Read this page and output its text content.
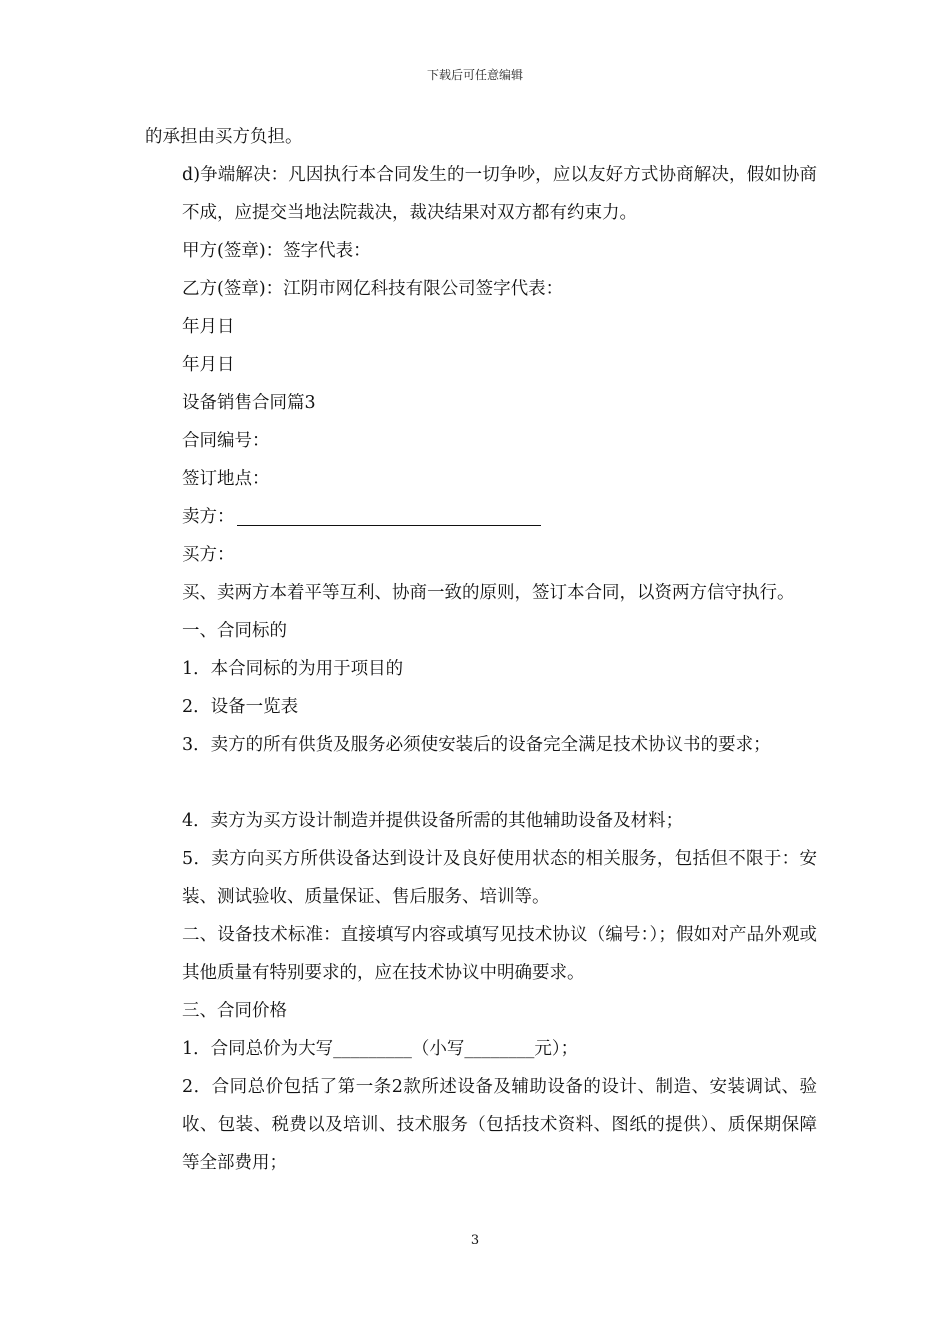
下载后可任意编辑

的承担由买方负担。

d)争端解决：凡因执行本合同发生的一切争吵，应以友好方式协商解决，假如协商不成，应提交当地法院裁决，裁决结果对双方都有约束力。

甲方(签章)：签字代表：

乙方(签章)：江阴市网亿科技有限公司签字代表：

年月日

年月日

设备销售合同篇3

合同编号：

签订地点：

卖方：

买方：

买、卖两方本着平等互利、协商一致的原则，签订本合同，以资两方信守执行。

一、合同标的

1．本合同标的为用于项目的

2．设备一览表

3．卖方的所有供货及服务必须使安装后的设备完全满足技术协议书的要求；

4．卖方为买方设计制造并提供设备所需的其他辅助设备及材料；

5．卖方向买方所供设备达到设计及良好使用状态的相关服务，包括但不限于：安装、测试验收、质量保证、售后服务、培训等。

二、设备技术标准：直接填写内容或填写见技术协议（编号：）；假如对产品外观或其他质量有特别要求的，应在技术协议中明确要求。

三、合同价格

1．合同总价为大写_________（小写________元）；

2．合同总价包括了第一条2款所述设备及辅助设备的设计、制造、安装调试、验收、包装、税费以及培训、技术服务（包括技术资料、图纸的提供）、质保期保障等全部费用；

3
